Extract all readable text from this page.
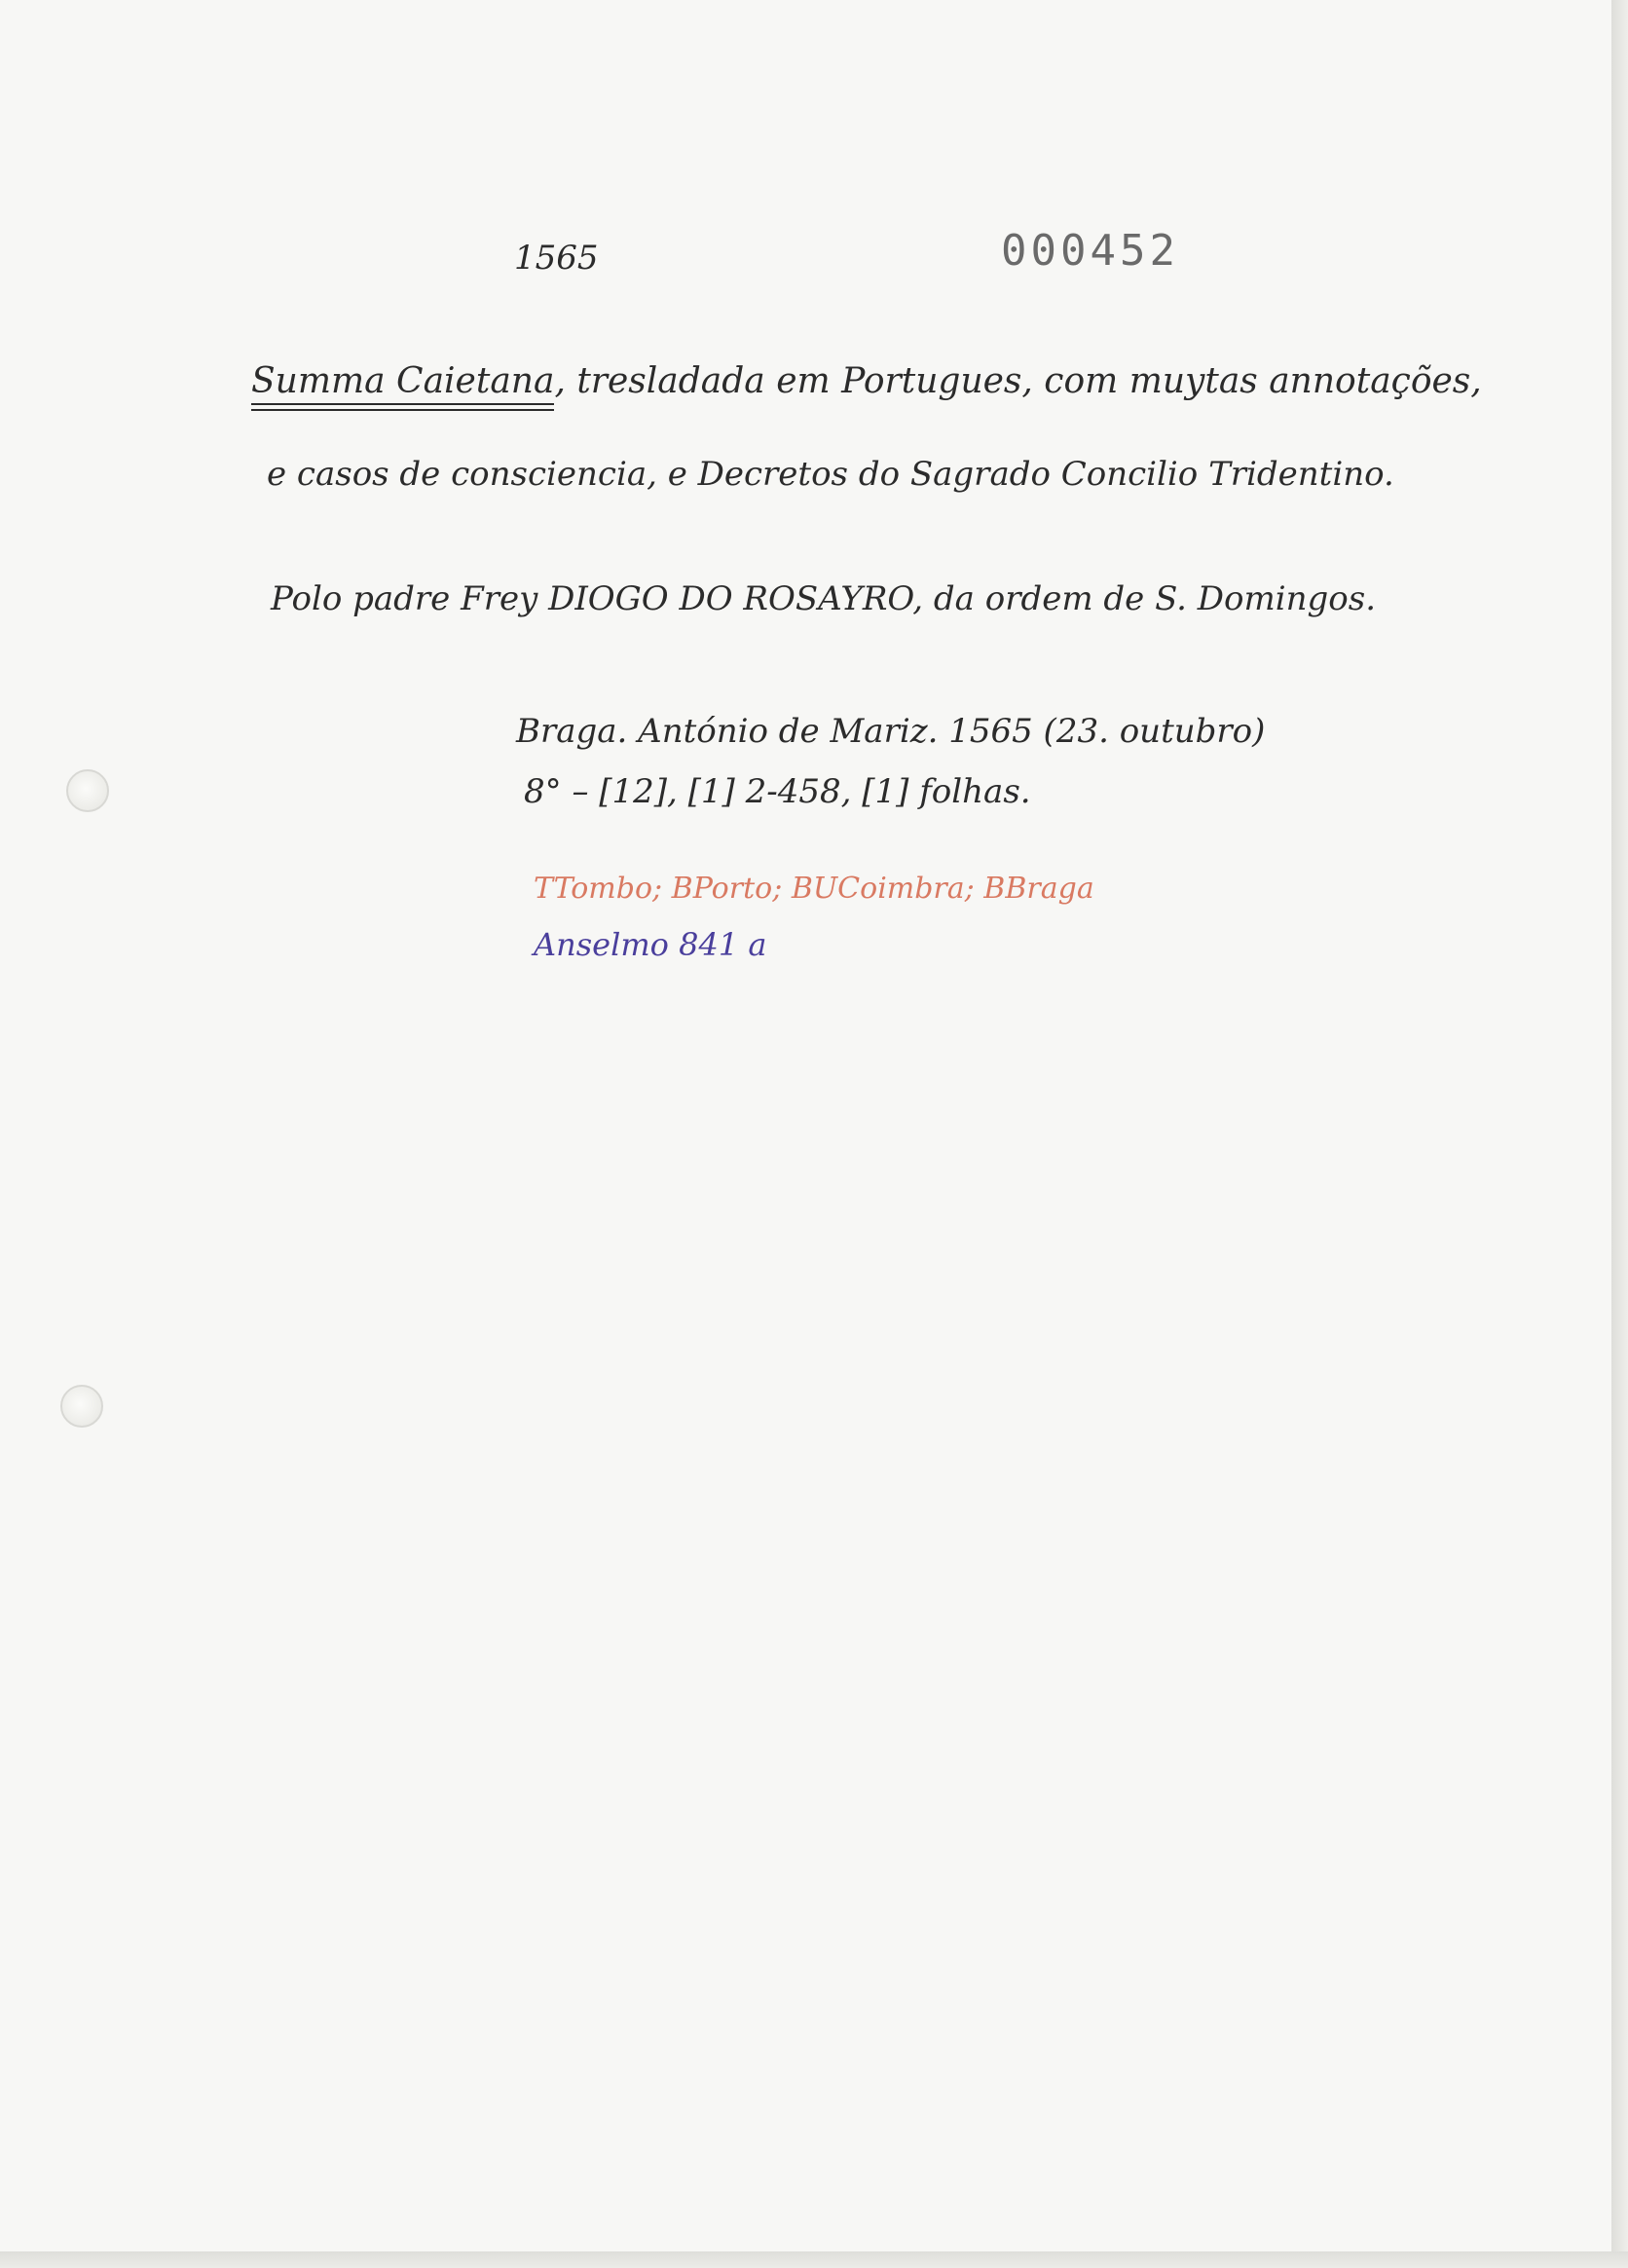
1565	000452
Summa Caietana, tresladada em Portugues, com muytas annotações,
e casos de consciencia, e Decretos do Sagrado Concilio Tridentino.
Polo padre Frey DIOGO DO ROSAYRO, da ordem de S. Domingos.
Braga. António de Mariz. 1565 (23. outubro)
8° – [12], [1] 2-458, [1] folhas.
TTombo; BPorto; BUCoimbra; BBraga
Anselmo 841 a
